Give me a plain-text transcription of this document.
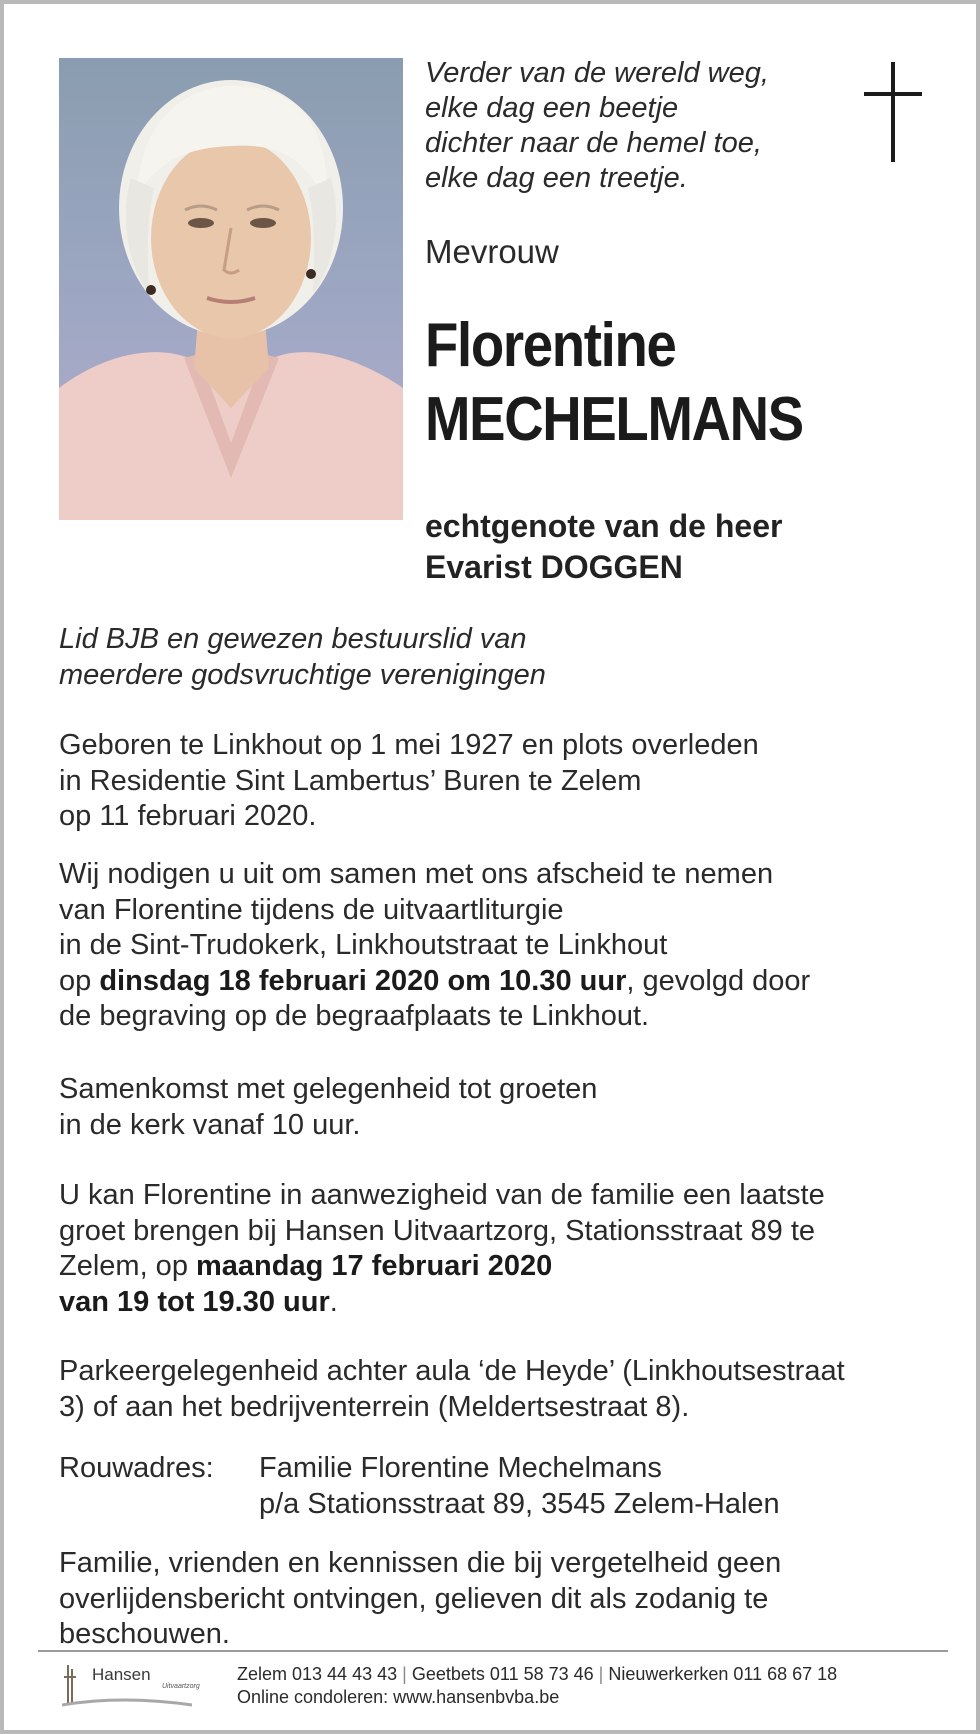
Verder van de wereld weg,
elke dag een beetje
dichter naar de hemel toe,
elke dag een treetje.
Mevrouw
Florentine
MECHELMANS
echtgenote van de heer
Evarist DOGGEN
Lid BJB en gewezen bestuurslid van
meerdere godsvruchtige verenigingen
Geboren te Linkhout op 1 mei 1927 en plots overleden
in Residentie Sint Lambertus’ Buren te Zelem
op 11 februari 2020.
Wij nodigen u uit om samen met ons afscheid te nemen
van Florentine tijdens de uitvaartliturgie
in de Sint-Trudokerk, Linkhoutstraat te Linkhout
op dinsdag 18 februari 2020 om 10.30 uur, gevolgd door
de begraving op de begraafplaats te Linkhout.
Samenkomst met gelegenheid tot groeten
in de kerk vanaf 10 uur.
U kan Florentine in aanwezigheid van de familie een laatste
groet brengen bij Hansen Uitvaartzorg, Stationsstraat 89 te
Zelem, op maandag 17 februari 2020
van 19 tot 19.30 uur.
Parkeergelegenheid achter aula ‘de Heyde’ (Linkhoutsestraat
3) of aan het bedrijventerrein (Meldertsestraat 8).
Rouwadres:	Familie Florentine Mechelmans
p/a Stationsstraat 89, 3545 Zelem-Halen
Familie, vrienden en kennissen die bij vergetelheid geen
overlijdensbericht ontvingen, gelieven dit als zodanig te
beschouwen.
Hansen
Uitvaartzorg
Zelem 013 44 43 43 | Geetbets 011 58 73 46 | Nieuwerkerken 011 68 67 18
Online condoleren: www.hansenbvba.be
